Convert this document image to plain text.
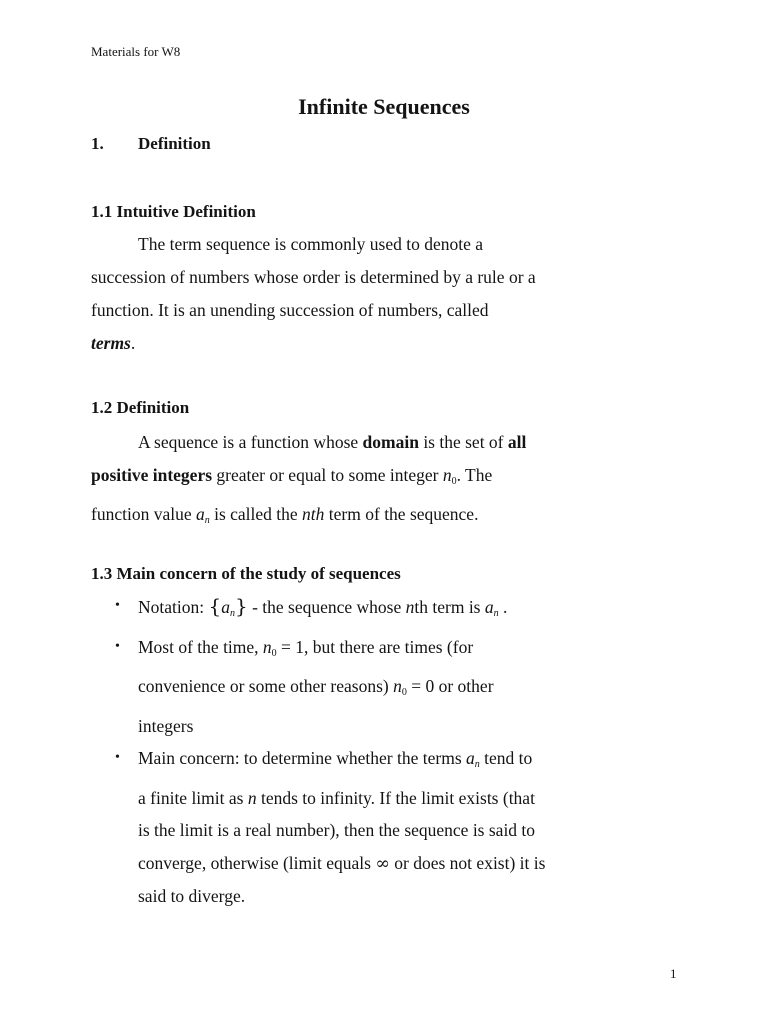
Materials for W8
Infinite Sequences
1. Definition
1.1 Intuitive Definition
The term sequence is commonly used to denote a
succession of numbers whose order is determined by a rule or a
function. It is an unending succession of numbers, called
terms.
1.2 Definition
A sequence is a function whose domain is the set of all
positive integers greater or equal to some integer $n_0$. The
function value $a_n$ is called the nth term of the sequence.
1.3 Main concern of the study of sequences
• Notation: $\{a_n\}$ - the sequence whose nth term is $a_n$ .
• Most of the time, $n_0 = 1$, but there are times (for
convenience or some other reasons) $n_0 = 0$ or other
integers
• Main concern: to determine whether the terms $a_n$ tend to
a finite limit as n tends to infinity. If the limit exists (that
is the limit is a real number), then the sequence is said to
converge, otherwise (limit equals ∞ or does not exist) it is
said to diverge.
1
